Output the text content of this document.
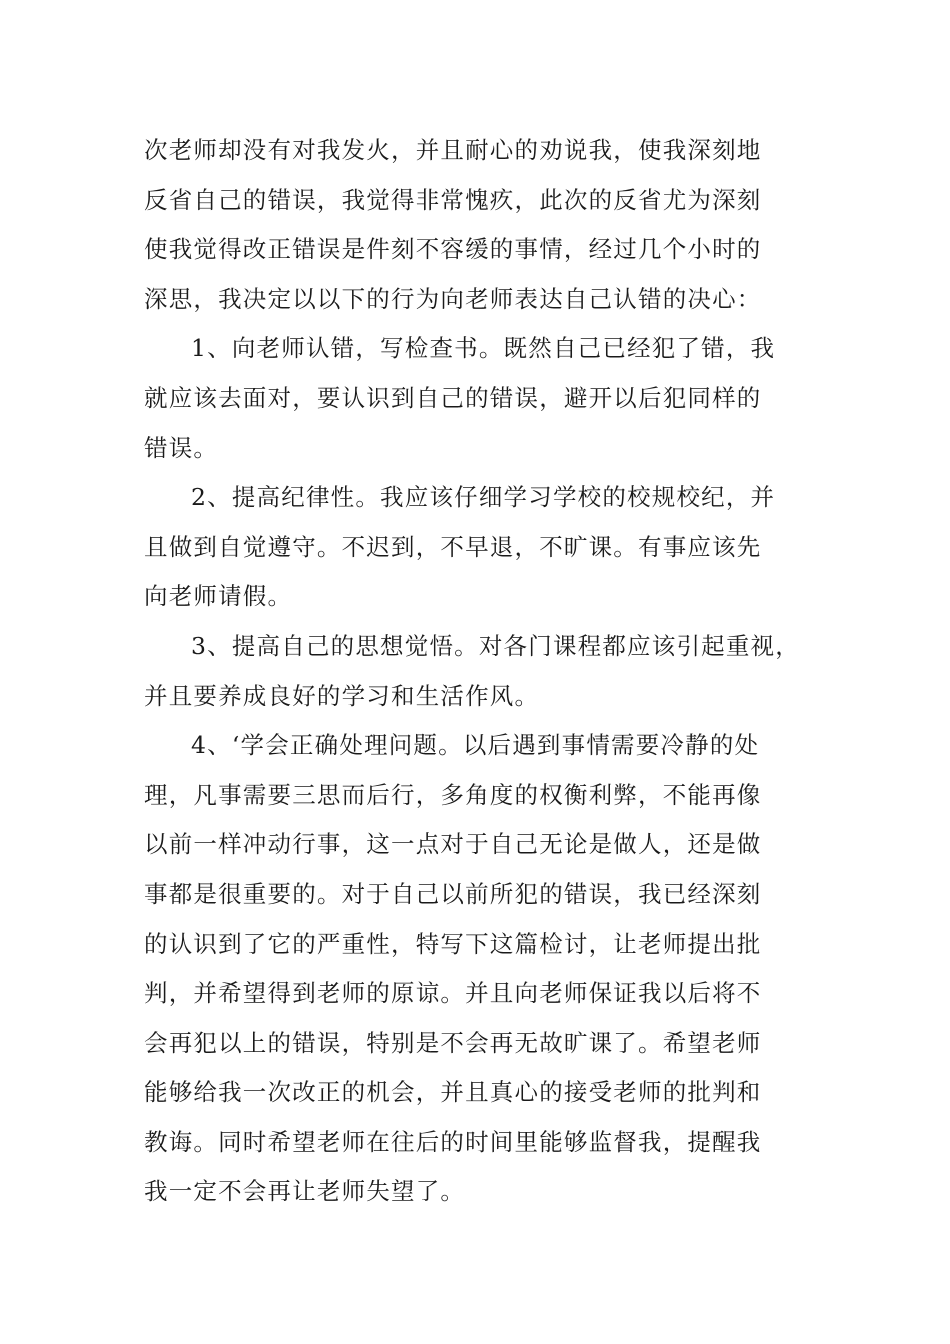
次老师却没有对我发火，并且耐心的劝说我，使我深刻地
反省自己的错误，我觉得非常愧疚，此次的反省尤为深刻
使我觉得改正错误是件刻不容缓的事情，经过几个小时的
深思，我决定以以下的行为向老师表达自己认错的决心：
1、向老师认错，写检查书。既然自己已经犯了错，我
就应该去面对，要认识到自己的错误，避开以后犯同样的
错误。
2、提高纪律性。我应该仔细学习学校的校规校纪，并
且做到自觉遵守。不迟到，不早退，不旷课。有事应该先
向老师请假。
3、提高自己的思想觉悟。对各门课程都应该引起重视，
并且要养成良好的学习和生活作风。
4、‘学会正确处理问题。以后遇到事情需要冷静的处
理，凡事需要三思而后行，多角度的权衡利弊，不能再像
以前一样冲动行事，这一点对于自己无论是做人，还是做
事都是很重要的。对于自己以前所犯的错误，我已经深刻
的认识到了它的严重性，特写下这篇检讨，让老师提出批
判，并希望得到老师的原谅。并且向老师保证我以后将不
会再犯以上的错误，特别是不会再无故旷课了。希望老师
能够给我一次改正的机会，并且真心的接受老师的批判和
教诲。同时希望老师在往后的时间里能够监督我，提醒我
我一定不会再让老师失望了。
